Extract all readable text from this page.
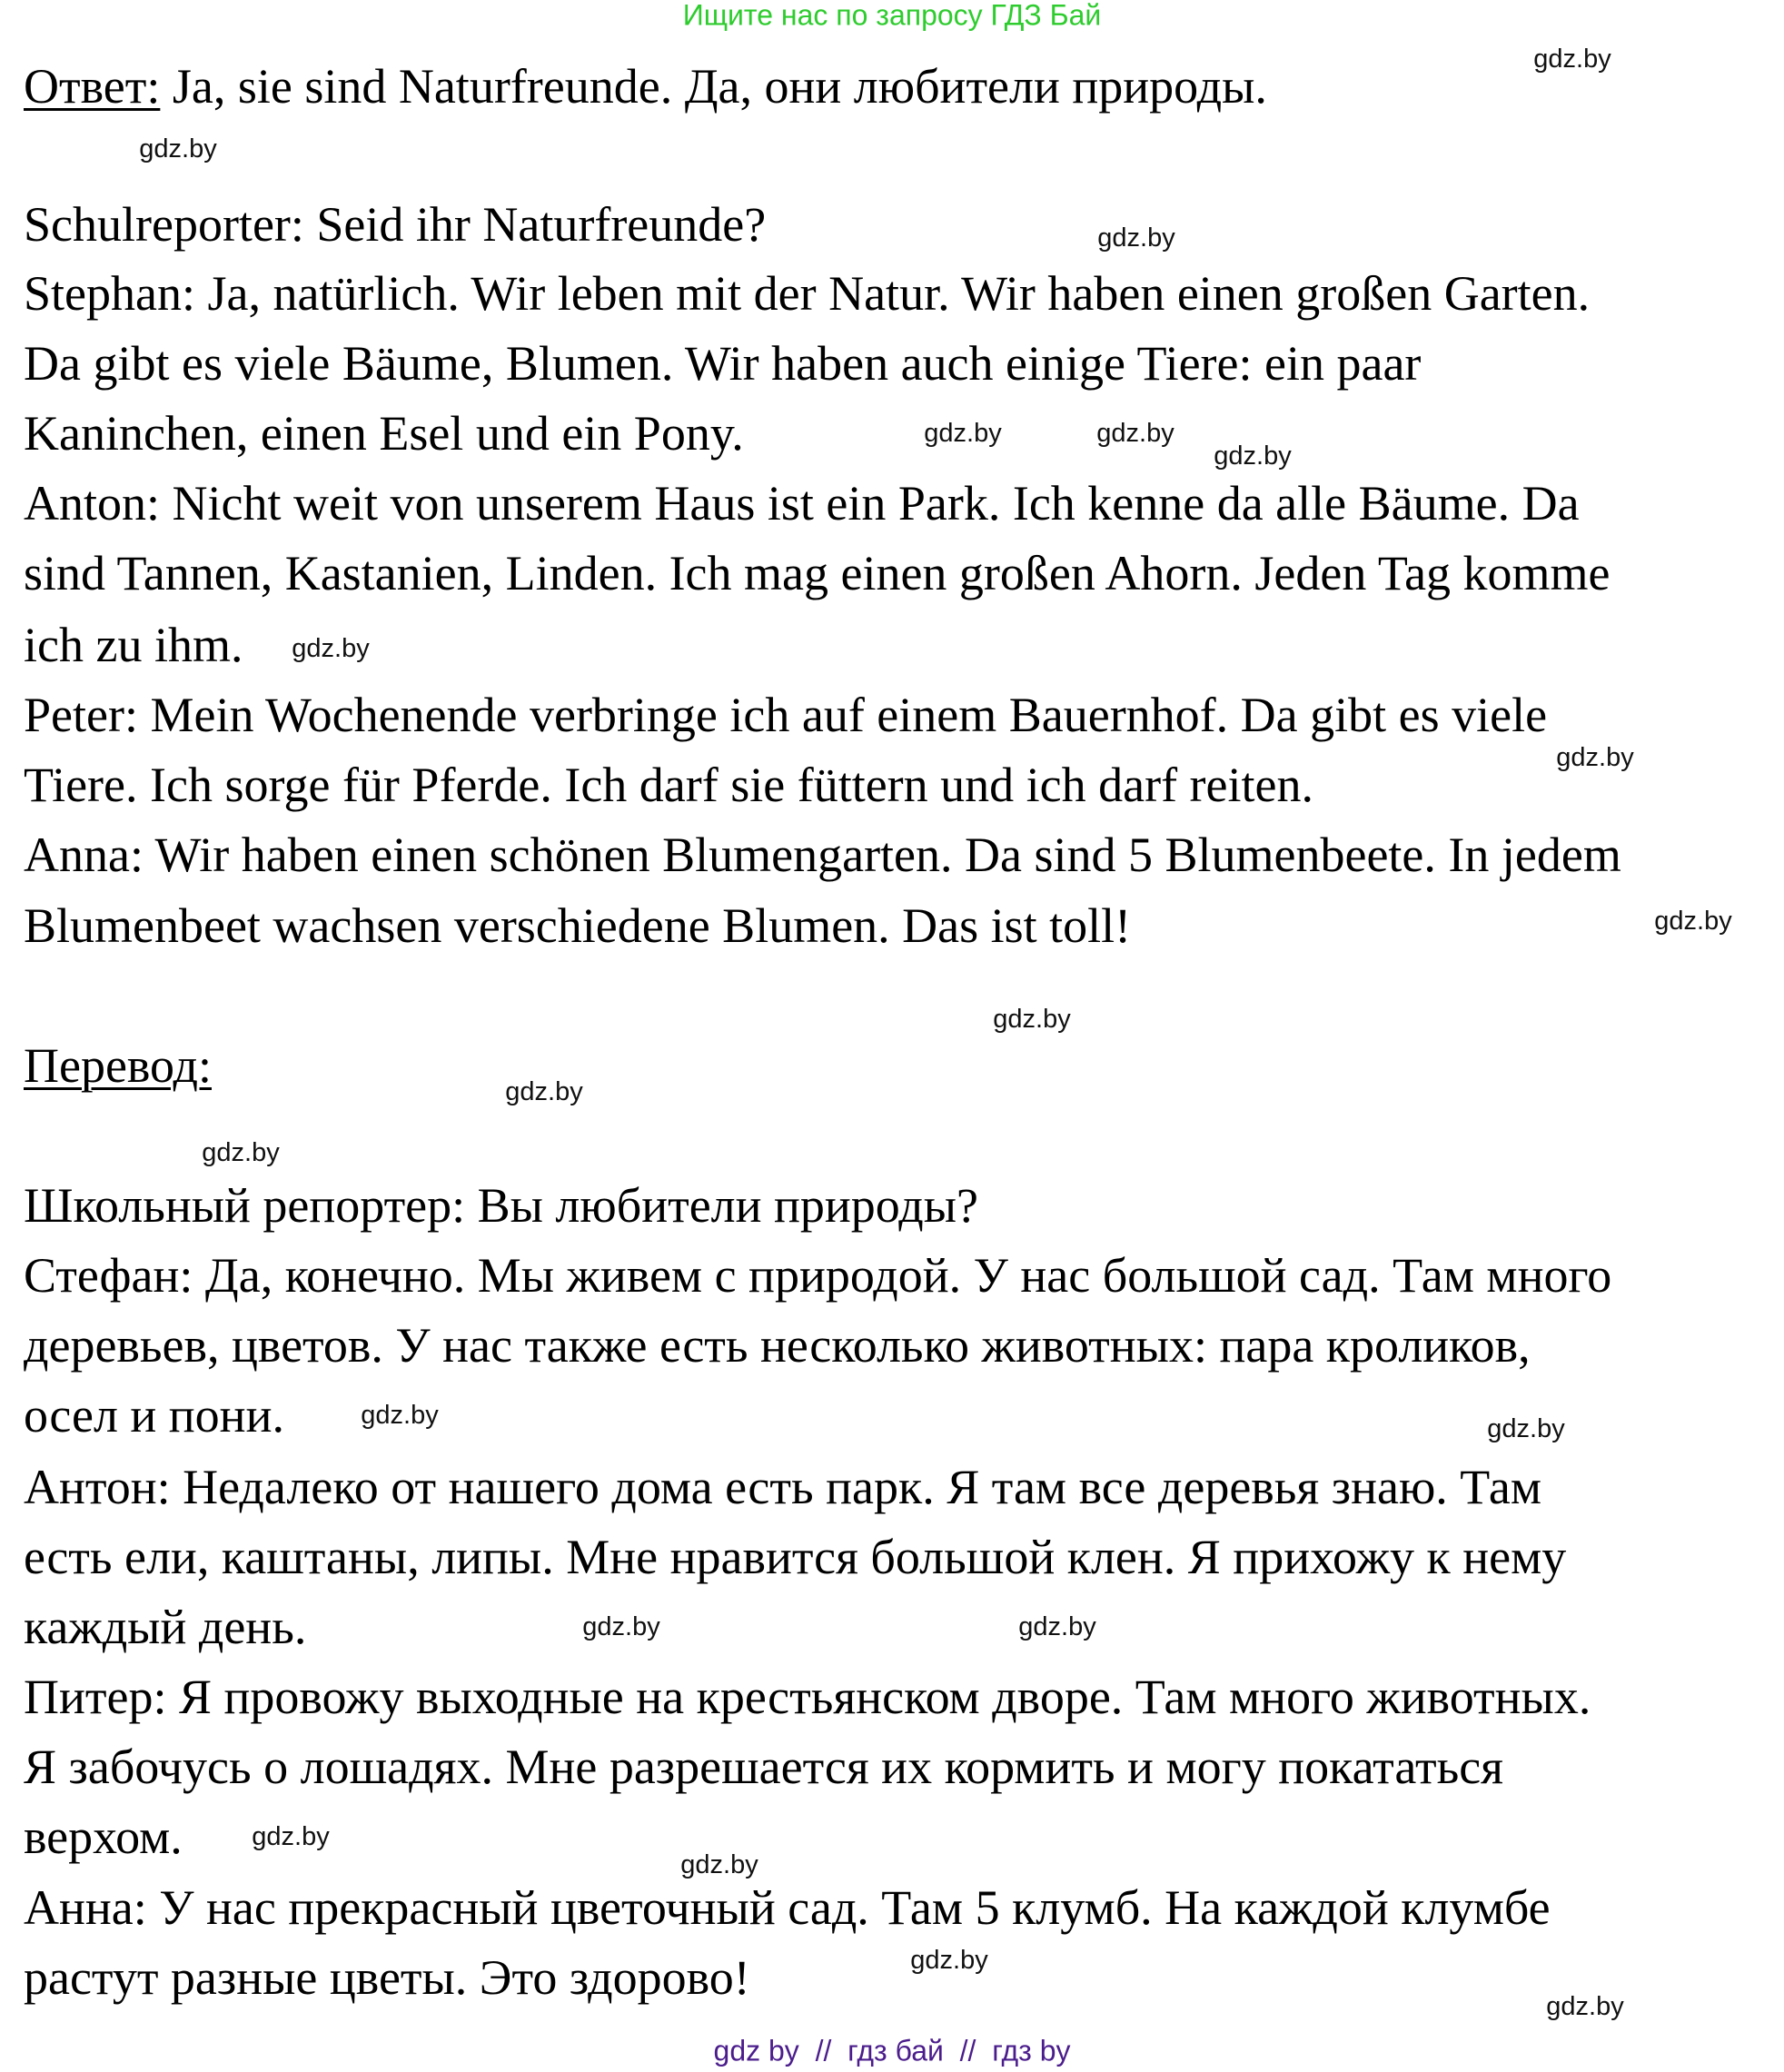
Ищите нас по запросу ГДЗ Бай
Ответ: Ja, sie sind Naturfreunde. Да, они любители природы.
Schulreporter: Seid ihr Naturfreunde?
Stephan: Ja, natürlich. Wir leben mit der Natur. Wir haben einen großen Garten.
Da gibt es viele Bäume, Blumen. Wir haben auch einige Tiere: ein paar
Kaninchen, einen Esel und ein Pony.
Anton: Nicht weit von unserem Haus ist ein Park. Ich kenne da alle Bäume. Da
sind Tannen, Kastanien, Linden. Ich mag einen großen Ahorn. Jeden Tag komme
ich zu ihm.
Peter: Mein Wochenende verbringe ich auf einem Bauernhof. Da gibt es viele
Tiere. Ich sorge für Pferde. Ich darf sie füttern und ich darf reiten.
Anna: Wir haben einen schönen Blumengarten. Da sind 5 Blumenbeete. In jedem
Blumenbeet wachsen verschiedene Blumen. Das ist toll!
Перевод:
Школьный репортер: Вы любители природы?
Стефан: Да, конечно. Мы живем с природой. У нас большой сад. Там много
деревьев, цветов. У нас также есть несколько животных: пара кроликов,
осел и пони.
Антон: Недалеко от нашего дома есть парк. Я там все деревья знаю. Там
есть ели, каштаны, липы. Мне нравится большой клен. Я прихожу к нему
каждый день.
Питер: Я провожу выходные на крестьянском дворе. Там много животных.
Я забочусь о лошадях. Мне разрешается их кормить и могу покататься
верхом.
Анна: У нас прекрасный цветочный сад. Там 5 клумб. На каждой клумбе
растут разные цветы. Это здорово!
gdz.by
gdz.by
gdz.by
gdz.by	gdz.by
gdz.by
gdz.by
gdz.by
gdz.by
gdz.by
gdz.by
gdz.by
gdz.by	gdz.by
gdz.by
gdz.by
gdz.by
gdz.by
gdz.by
gdz.by
gdz by  //  гдз бай  //  гдз by
